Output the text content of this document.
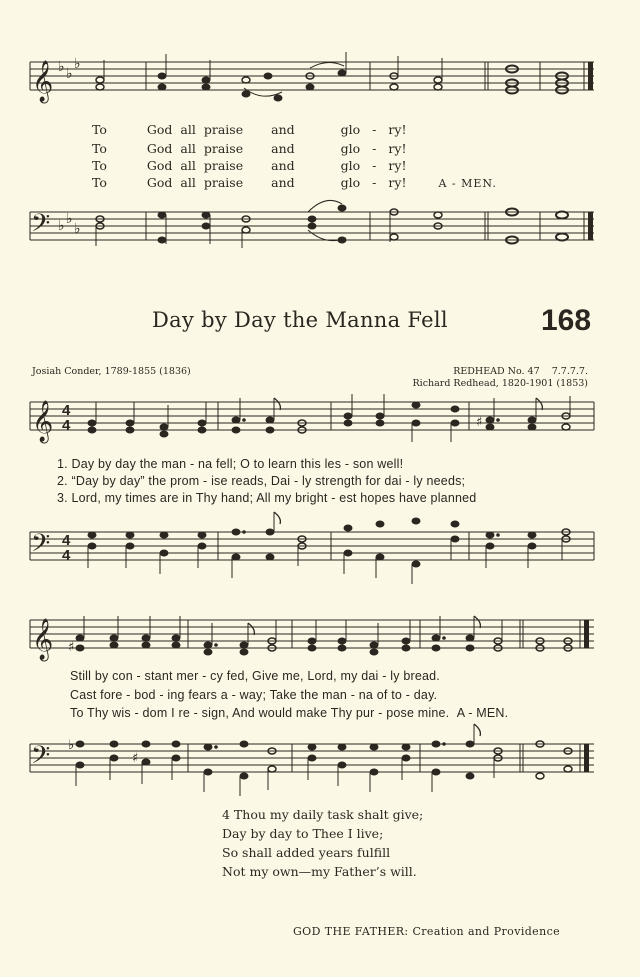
𝄞 ♭ ♭
♭
To	God all praise and	glo - ry!
To	God all praise and	glo - ry!
To	God all praise and	glo - ry!
To	God all praise and	glo - ry!	A - MEN.
𝄢 ♭ ♭
♭
Day by Day the Manna Fell	168
Josiah Conder, 1789-1855 (1836)	REDHEAD No. 47 7.7.7.7.
Richard Redhead, 1820-1901 (1853)
𝄞 4
4	♯
1. Day by day the man - na fell; O to learn this les - son well!
2. “Day by day” the prom - ise reads, Dai - ly strength for dai - ly needs;
3. Lord, my times are in Thy hand; All my bright - est hopes have planned
𝄢 4
4
𝄞 ♯
Still by con - stant mer - cy fed, Give me, Lord, my dai - ly bread.
Cast fore - bod - ing fears a - way; Take the man - na of to - day.
To Thy wis - dom I re - sign, And would make Thy pur - pose mine. A - MEN.
𝄢 ♭
♯
4 Thou my daily task shalt give;
Day by day to Thee I live;
So shall added years fulfill
Not my own—my Father’s will.
GOD THE FATHER: Creation and Providence
